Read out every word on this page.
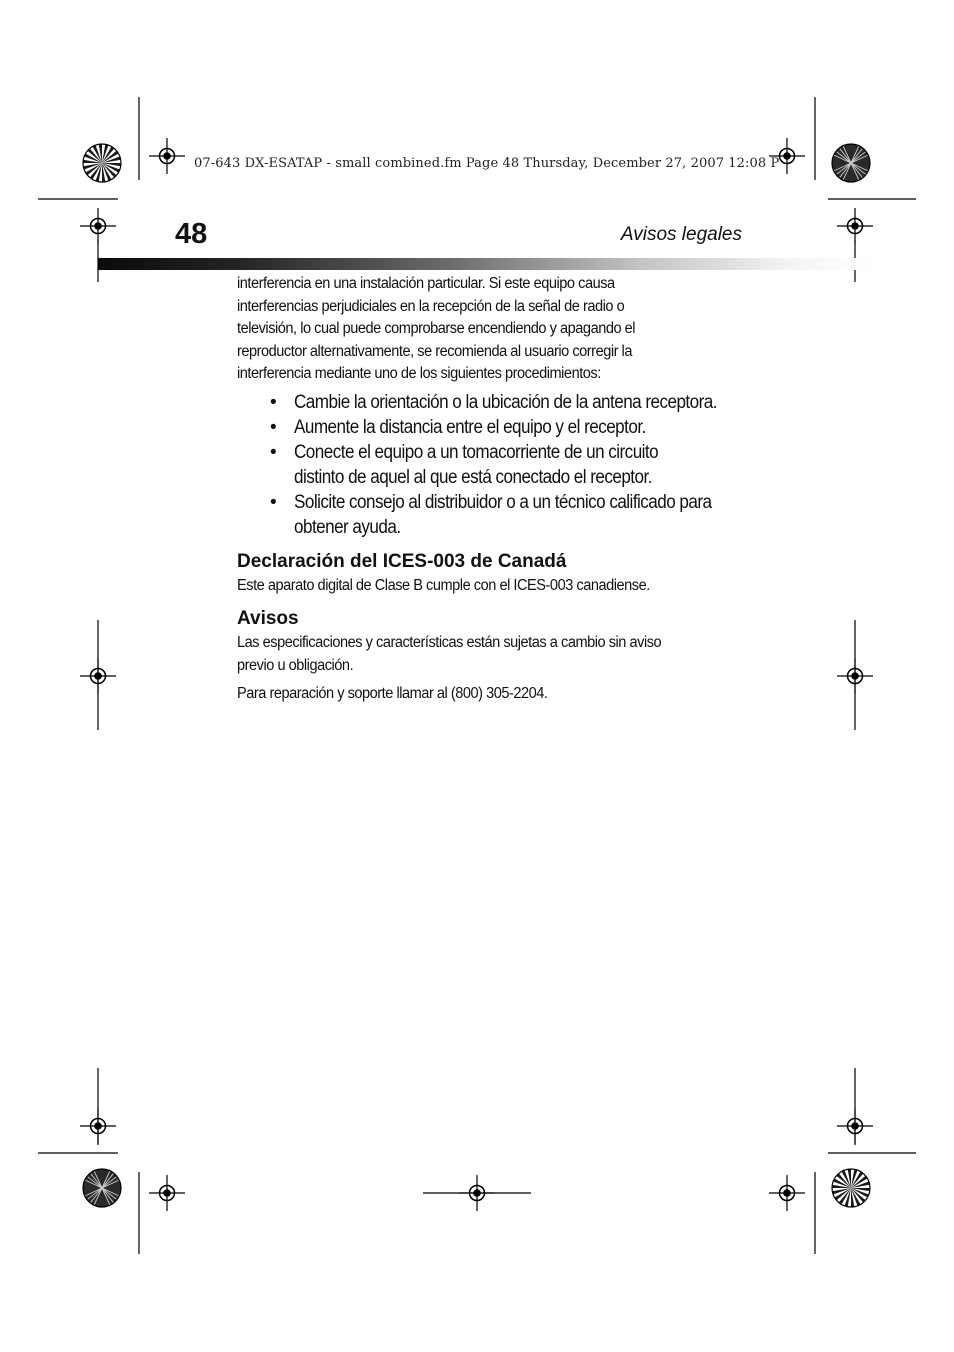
07-643 DX-ESATAP - small combined.fm Page 48 Thursday, December 27, 2007 12:08 P
48	Avisos legales

interferencia en una instalación particular. Si este equipo causa
interferencias perjudiciales en la recepción de la señal de radio o
televisión, lo cual puede comprobarse encendiendo y apagando el
reproductor alternativamente, se recomienda al usuario corregir la
interferencia mediante uno de los siguientes procedimientos:

• Cambie la orientación o la ubicación de la antena receptora.
• Aumente la distancia entre el equipo y el receptor.
• Conecte el equipo a un tomacorriente de un circuito
distinto de aquel al que está conectado el receptor.
• Solicite consejo al distribuidor o a un técnico calificado para
obtener ayuda.
Declaración del ICES-003 de Canadá

Este aparato digital de Clase B cumple con el ICES-003 canadiense.

Avisos

Las especificaciones y características están sujetas a cambio sin aviso
previo u obligación.

Para reparación y soporte llamar al (800) 305-2204.
